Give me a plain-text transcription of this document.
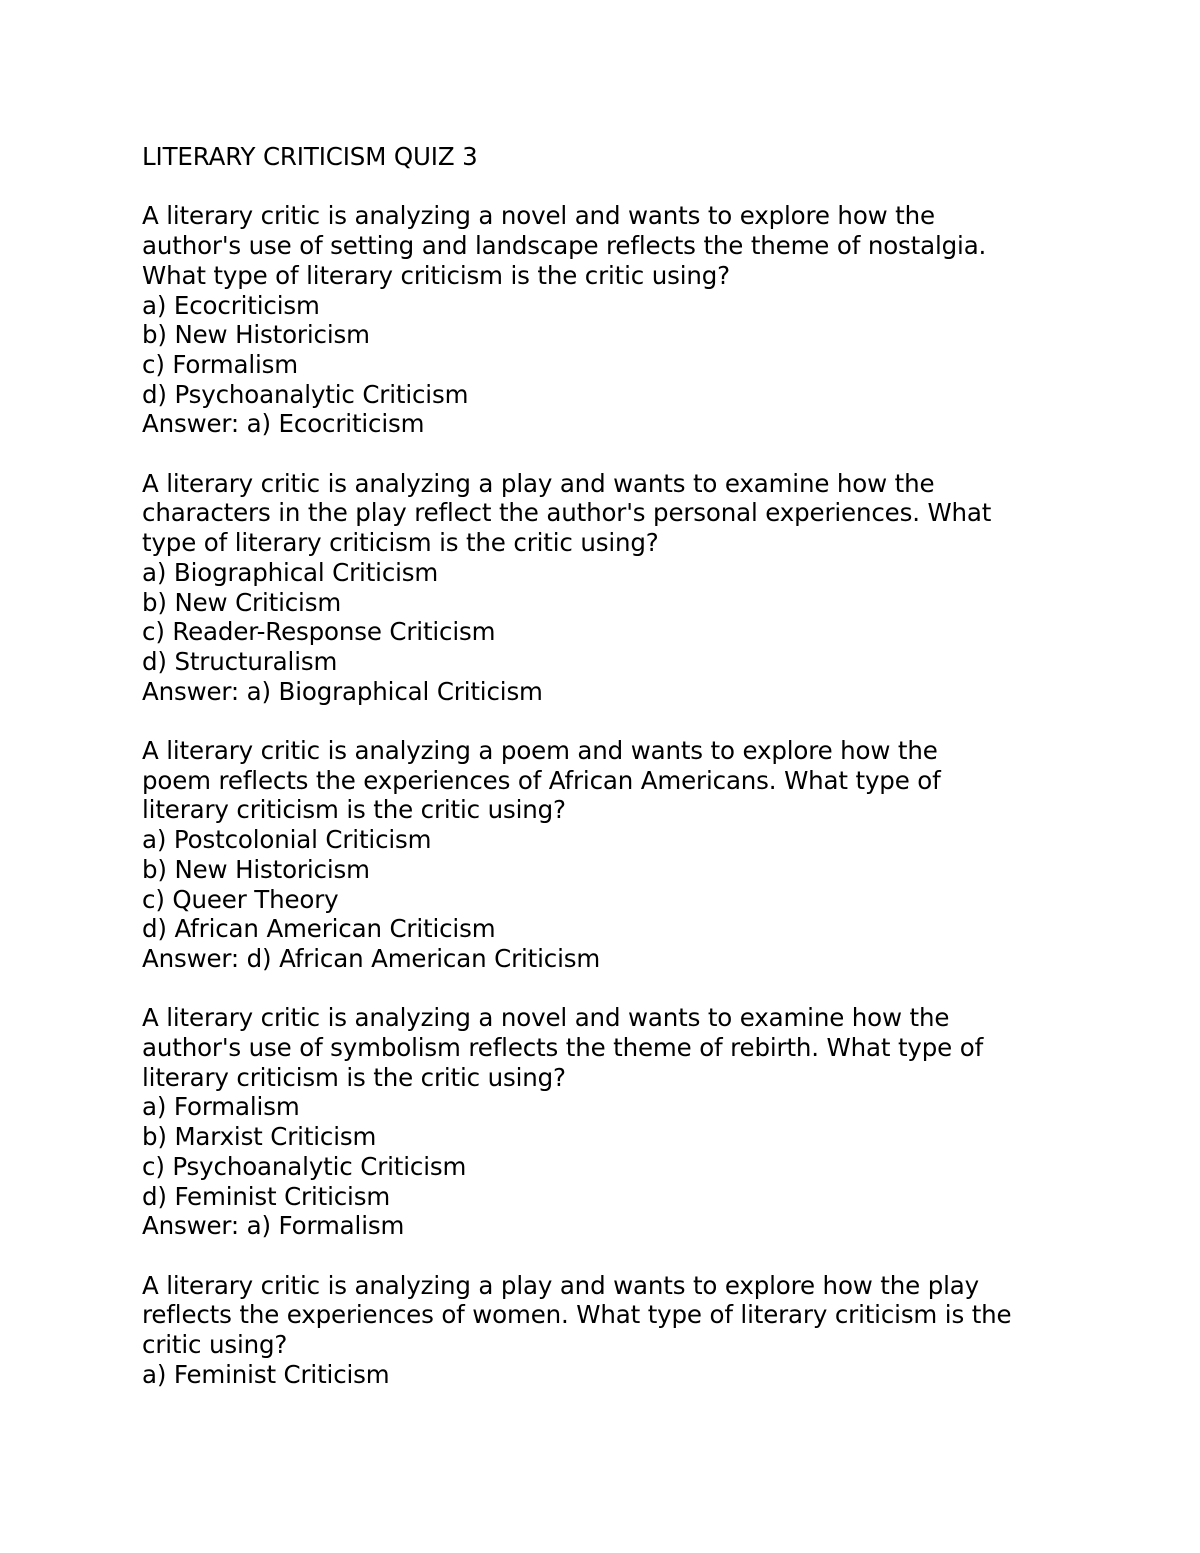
LITERARY CRITICISM QUIZ 3
A literary critic is analyzing a novel and wants to explore how the
author's use of setting and landscape reflects the theme of nostalgia.
What type of literary criticism is the critic using?
a) Ecocriticism
b) New Historicism
c) Formalism
d) Psychoanalytic Criticism
Answer: a) Ecocriticism
A literary critic is analyzing a play and wants to examine how the
characters in the play reflect the author's personal experiences. What
type of literary criticism is the critic using?
a) Biographical Criticism
b) New Criticism
c) Reader-Response Criticism
d) Structuralism
Answer: a) Biographical Criticism
A literary critic is analyzing a poem and wants to explore how the
poem reflects the experiences of African Americans. What type of
literary criticism is the critic using?
a) Postcolonial Criticism
b) New Historicism
c) Queer Theory
d) African American Criticism
Answer: d) African American Criticism
A literary critic is analyzing a novel and wants to examine how the
author's use of symbolism reflects the theme of rebirth. What type of
literary criticism is the critic using?
a) Formalism
b) Marxist Criticism
c) Psychoanalytic Criticism
d) Feminist Criticism
Answer: a) Formalism
A literary critic is analyzing a play and wants to explore how the play
reflects the experiences of women. What type of literary criticism is the
critic using?
a) Feminist Criticism
